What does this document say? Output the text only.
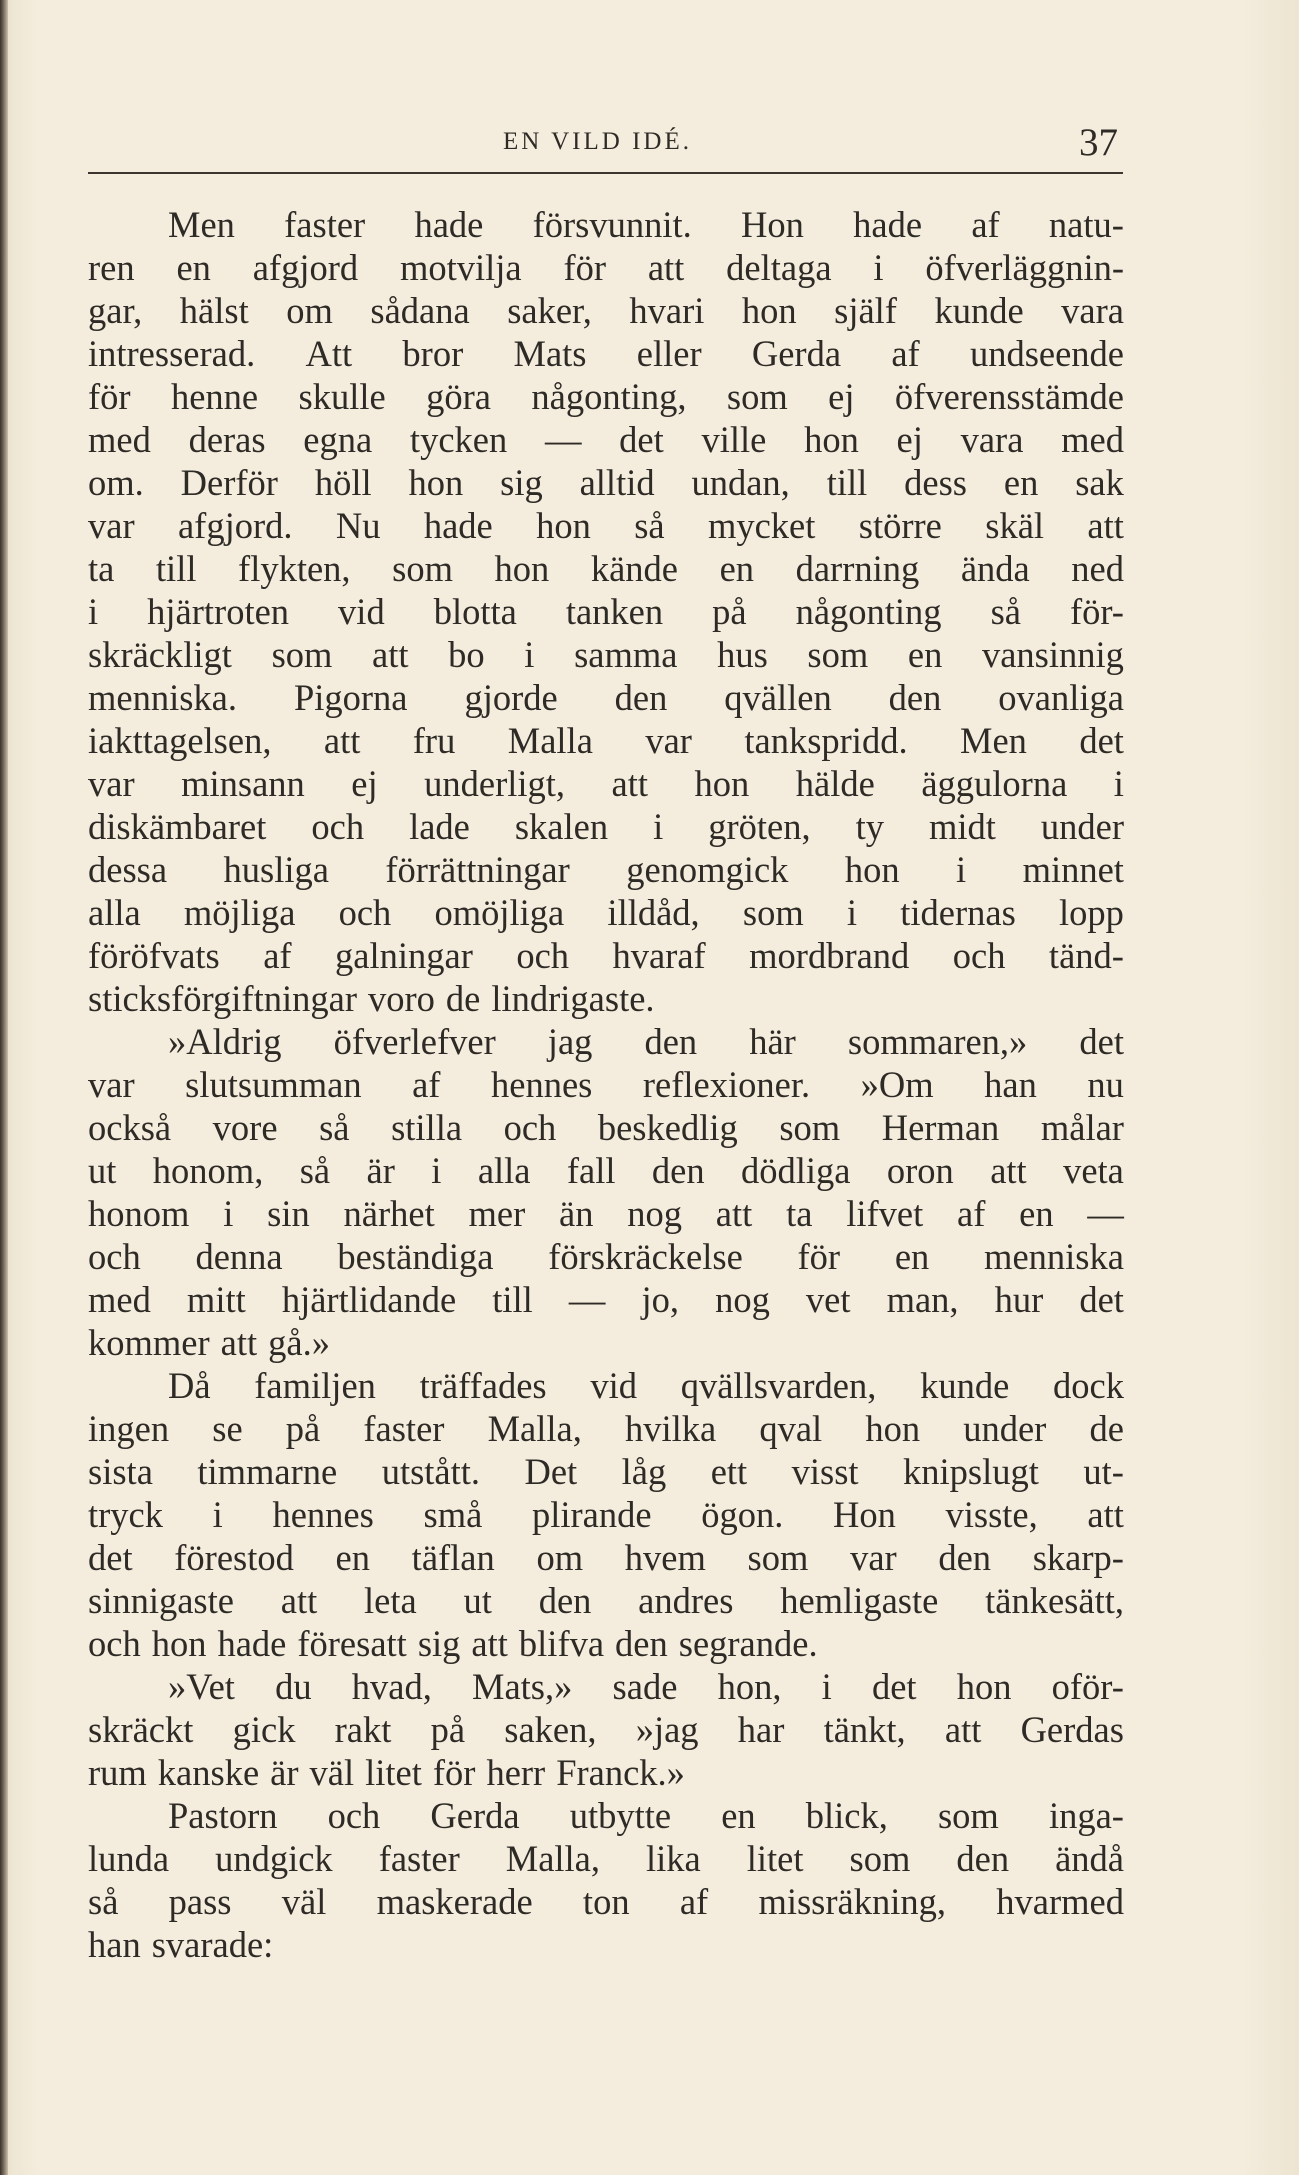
EN VILD IDÉ.	37
Men faster hade försvunnit. Hon hade af natu-
ren en afgjord motvilja för att deltaga i öfverläggnin-
gar, hälst om sådana saker, hvari hon själf kunde vara
intresserad. Att bror Mats eller Gerda af undseende
för henne skulle göra någonting, som ej öfverensstämde
med deras egna tycken — det ville hon ej vara med
om. Derför höll hon sig alltid undan, till dess en sak
var afgjord. Nu hade hon så mycket större skäl att
ta till flykten, som hon kände en darrning ända ned
i hjärtroten vid blotta tanken på någonting så för-
skräckligt som att bo i samma hus som en vansinnig
menniska. Pigorna gjorde den qvällen den ovanliga
iakttagelsen, att fru Malla var tankspridd. Men det
var minsann ej underligt, att hon hälde äggulorna i
diskämbaret och lade skalen i gröten, ty midt under
dessa husliga förrättningar genomgick hon i minnet
alla möjliga och omöjliga illdåd, som i tidernas lopp
föröfvats af galningar och hvaraf mordbrand och tänd-
sticksförgiftningar voro de lindrigaste.
»Aldrig öfverlefver jag den här sommaren,» det
var slutsumman af hennes reflexioner. »Om han nu
också vore så stilla och beskedlig som Herman målar
ut honom, så är i alla fall den dödliga oron att veta
honom i sin närhet mer än nog att ta lifvet af en —
och denna beständiga förskräckelse för en menniska
med mitt hjärtlidande till — jo, nog vet man, hur det
kommer att gå.»
Då familjen träffades vid qvällsvarden, kunde dock
ingen se på faster Malla, hvilka qval hon under de
sista timmarne utstått. Det låg ett visst knipslugt ut-
tryck i hennes små plirande ögon. Hon visste, att
det förestod en täflan om hvem som var den skarp-
sinnigaste att leta ut den andres hemligaste tänkesätt,
och hon hade föresatt sig att blifva den segrande.
»Vet du hvad, Mats,» sade hon, i det hon oför-
skräckt gick rakt på saken, »jag har tänkt, att Gerdas
rum kanske är väl litet för herr Franck.»
Pastorn och Gerda utbytte en blick, som inga-
lunda undgick faster Malla, lika litet som den ändå
så pass väl maskerade ton af missräkning, hvarmed
han svarade:
